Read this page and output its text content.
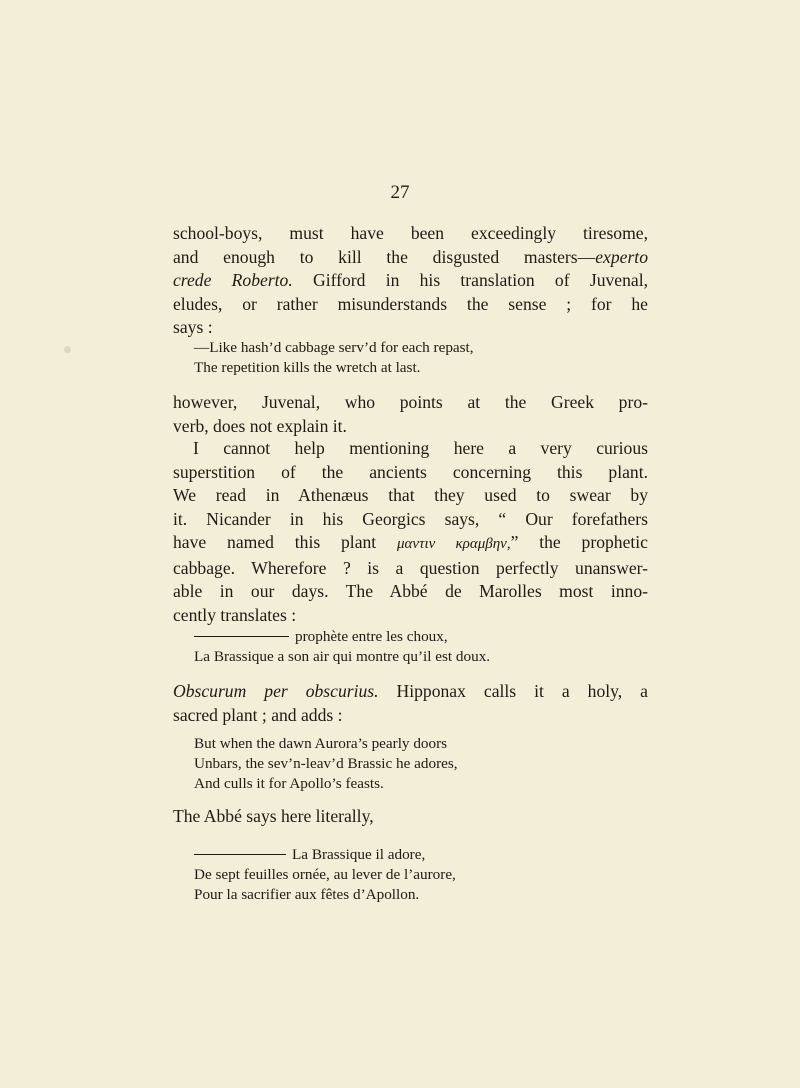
27

school-boys, must have been exceedingly tiresome,
and enough to kill the disgusted masters—experto
crede Roberto. Gifford in his translation of Juvenal,
eludes, or rather misunderstands the sense ; for he
says :

—Like hash’d cabbage serv’d for each repast,
The repetition kills the wretch at last.

however, Juvenal, who points at the Greek pro-
verb, does not explain it.

I cannot help mentioning here a very curious
superstition of the ancients concerning this plant.
We read in Athenæus that they used to swear by
it. Nicander in his Georgics says, “ Our forefathers
have named this plant μαντιν κραμβην,” the prophetic
cabbage. Wherefore ? is a question perfectly unanswer-
able in our days. The Abbé de Marolles most inno-
cently translates :

prophète entre les choux,
La Brassique a son air qui montre qu’il est doux.

Obscurum per obscurius. Hipponax calls it a holy, a
sacred plant ; and adds :

But when the dawn Aurora’s pearly doors
Unbars, the sev’n-leav’d Brassic he adores,
And culls it for Apollo’s feasts.

The Abbé says here literally,

La Brassique il adore,
De sept feuilles ornée, au lever de l’aurore,
Pour la sacrifier aux fêtes d’Apollon.
